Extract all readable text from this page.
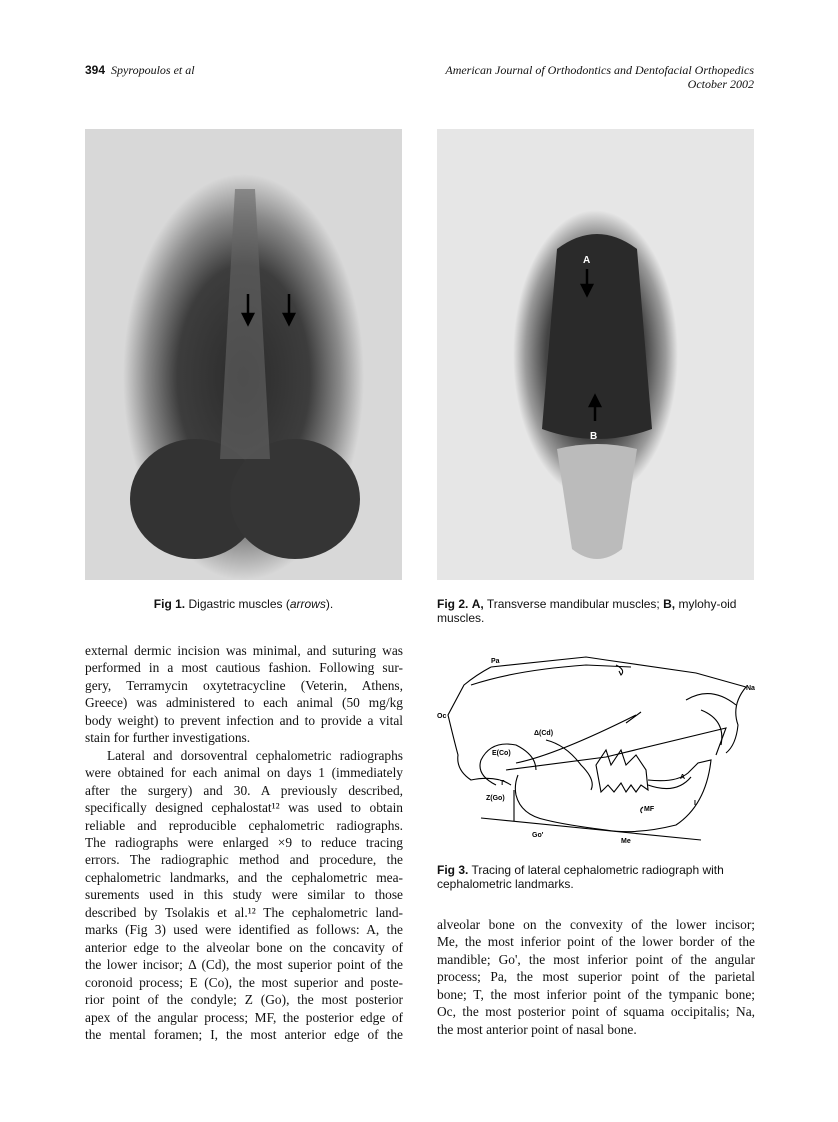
394 Spyropoulos et al	American Journal of Orthodontics and Dentofacial Orthopedics
October 2002
A
B
Fig 1. Digastric muscles (arrows).	Fig 2. A, Transverse mandibular muscles; B, mylohy-oid muscles.
Pa
Na
Oc
Δ(Cd)
E(Co)
T
Z(Go)
Go'
Me
MF
I
A
Fig 3. Tracing of lateral cephalometric radiograph with cephalometric landmarks.
external dermic incision was minimal, and suturing was
performed in a most cautious fashion. Following sur-
gery, Terramycin oxytetracycline (Veterin, Athens,
Greece) was administered to each animal (50 mg/kg
body weight) to prevent infection and to provide a vital
stain for further investigations.
Lateral and dorsoventral cephalometric radiographs
were obtained for each animal on days 1 (immediately
after the surgery) and 30. A previously described,
specifically designed cephalostat¹² was used to obtain
reliable and reproducible cephalometric radiographs.
The radiographs were enlarged ×9 to reduce tracing
errors. The radiographic method and procedure, the
cephalometric landmarks, and the cephalometric mea-
surements used in this study were similar to those
described by Tsolakis et al.¹² The cephalometric land-
marks (Fig 3) used were identified as follows: A, the
anterior edge to the alveolar bone on the concavity of
the lower incisor; Δ (Cd), the most superior point of the
coronoid process; E (Co), the most superior and poste-
rior point of the condyle; Z (Go), the most posterior
apex of the angular process; MF, the posterior edge of
the mental foramen; I, the most anterior edge of the
alveolar bone on the convexity of the lower incisor;
Me, the most inferior point of the lower border of the
mandible; Go', the most inferior point of the angular
process; Pa, the most superior point of the parietal
bone; T, the most inferior point of the tympanic bone;
Oc, the most posterior point of squama occipitalis; Na,
the most anterior point of nasal bone.
